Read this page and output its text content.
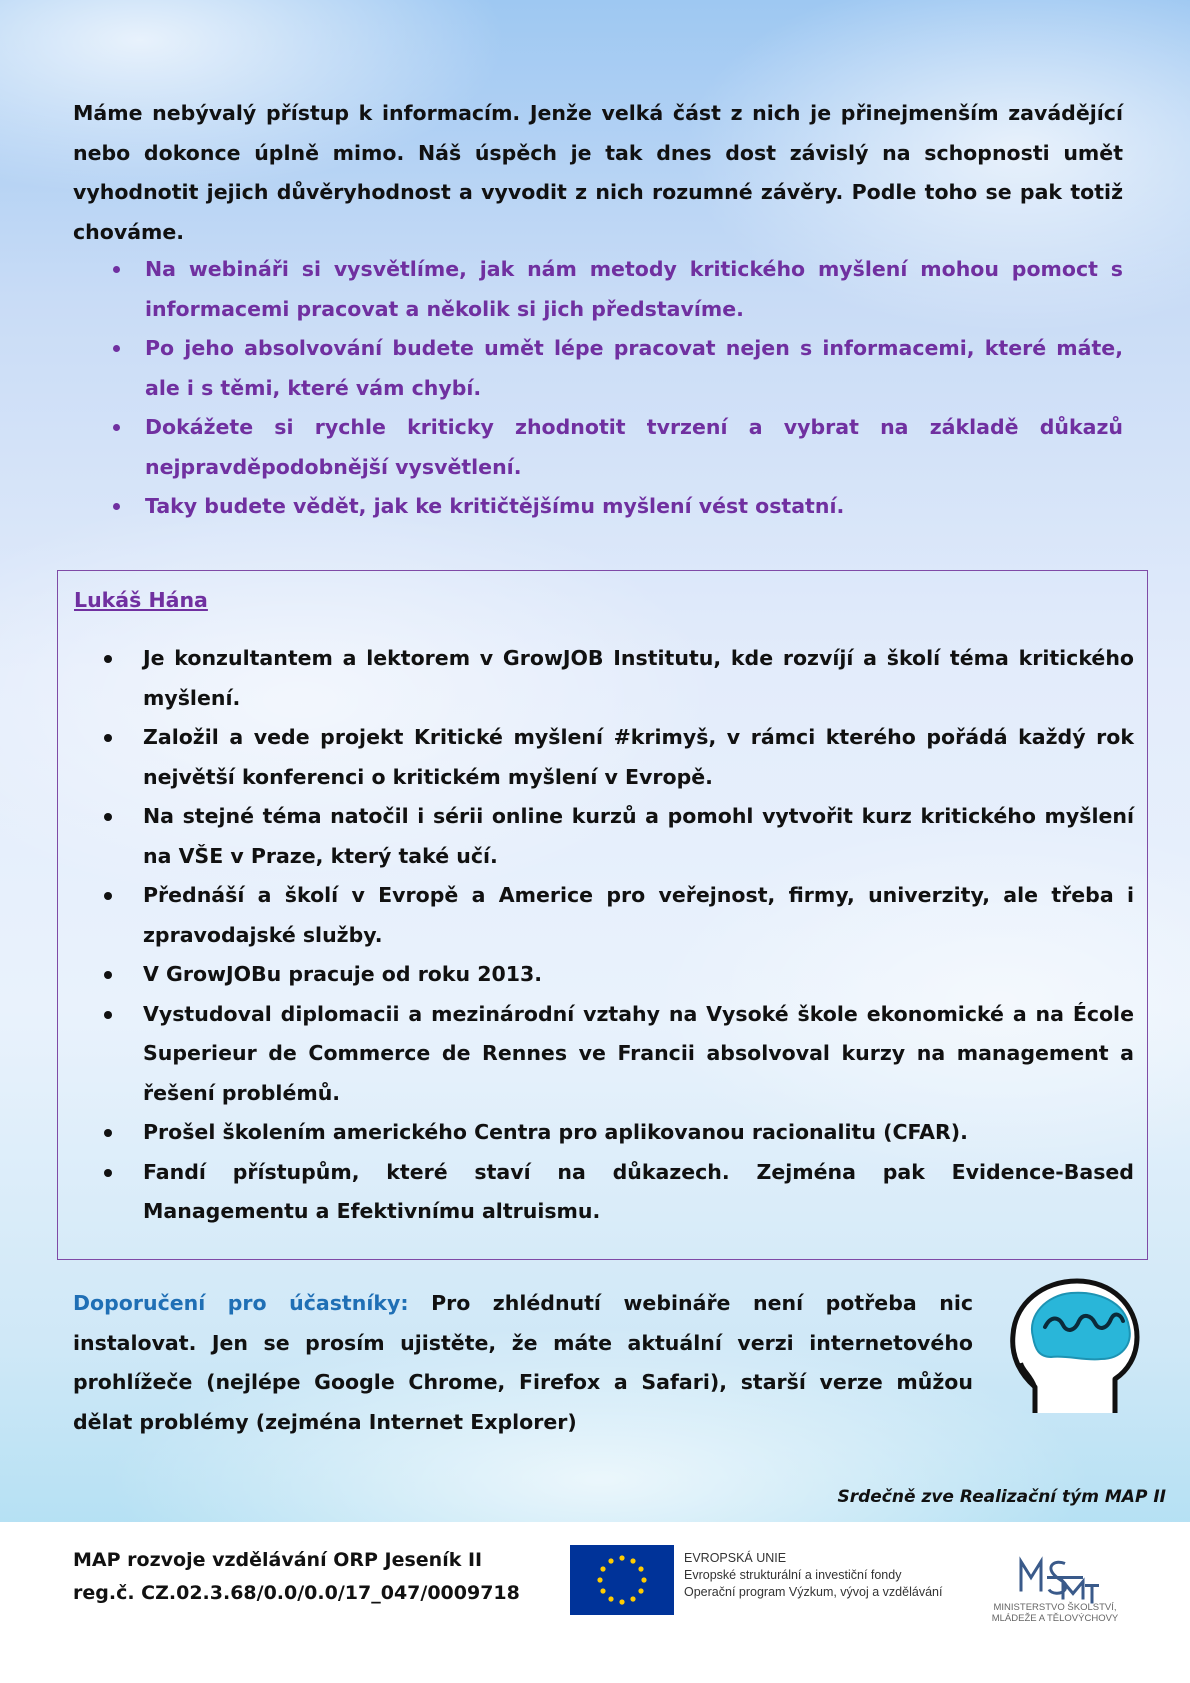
Máme nebývalý přístup k informacím. Jenže velká část z nich je přinejmenším zavádějící nebo dokonce úplně mimo. Náš úspěch je tak dnes dost závislý na schopnosti umět vyhodnotit jejich důvěryhodnost a vyvodit z nich rozumné závěry. Podle toho se pak totiž chováme.

Na webináři si vysvětlíme, jak nám metody kritického myšlení mohou pomoct s informacemi pracovat a několik si jich představíme.
Po jeho absolvování budete umět lépe pracovat nejen s informacemi, které máte, ale i s těmi, které vám chybí.
Dokážete si rychle kriticky zhodnotit tvrzení a vybrat na základě důkazů nejpravděpodobnější vysvětlení.
Taky budete vědět, jak ke kritičtějšímu myšlení vést ostatní.
Lukáš Hána
Je konzultantem a lektorem v GrowJOB Institutu, kde rozvíjí a školí téma kritického myšlení.
Založil a vede projekt Kritické myšlení #krimyš, v rámci kterého pořádá každý rok největší konferenci o kritickém myšlení v Evropě.
Na stejné téma natočil i sérii online kurzů a pomohl vytvořit kurz kritického myšlení na VŠE v Praze, který také učí.
Přednáší a školí v Evropě a Americe pro veřejnost, firmy, univerzity, ale třeba i zpravodajské služby.
V GrowJOBu pracuje od roku 2013.
Vystudoval diplomacii a mezinárodní vztahy na Vysoké škole ekonomické a na École Superieur de Commerce de Rennes ve Francii absolvoval kurzy na management a řešení problémů.
Prošel školením amerického Centra pro aplikovanou racionalitu (CFAR).
Fandí přístupům, které staví na důkazech. Zejména pak Evidence-Based Managementu a Efektivnímu altruismu.

Doporučení pro účastníky: Pro zhlédnutí webináře není potřeba nic instalovat. Jen se prosím ujistěte, že máte aktuální verzi internetového prohlížeče (nejlépe Google Chrome, Firefox a Safari), starší verze můžou dělat problémy (zejména Internet Explorer)

Srdečně zve Realizační tým MAP II
MAP rozvoje vzdělávání ORP Jeseník II
reg.č. CZ.02.3.68/0.0/0.0/17_047/0009718
EVROPSKÁ UNIE
Evropské strukturální a investiční fondy
Operační program Výzkum, vývoj a vzdělávání
MINISTERSTVO ŠKOLSTVÍ,
MLÁDEŽE A TĚLOVÝCHOVY
